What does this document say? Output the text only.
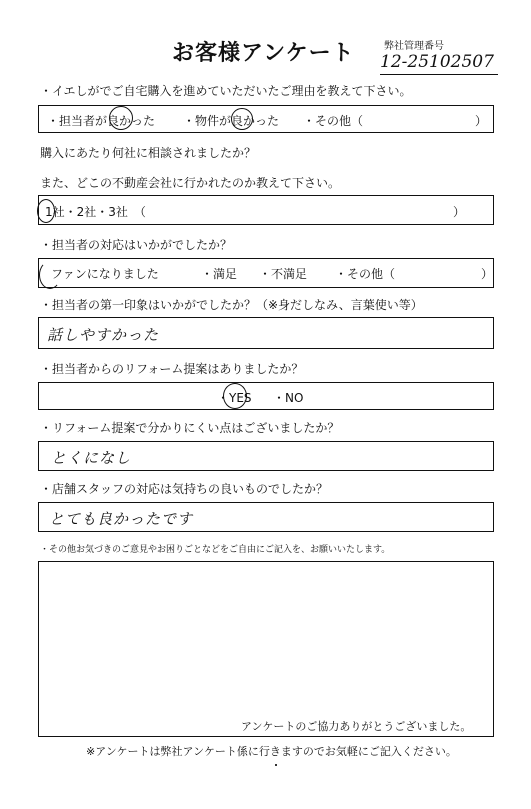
お客様アンケート	弊社管理番号
12-25102507
・イエしがでご自宅購入を進めていただいたご理由を教えて下さい。
・担当者が良かった ・物件が良かった ・その他（	）
購入にあたり何社に相談されましたか？
また、どこの不動産会社に行かれたのか教えて下さい。
1社・2社・3社　（	）
・担当者の対応はいかがでしたか？
ファンになりました	・満足 ・不満足 ・その他（	）
・担当者の第一印象はいかがでしたか？（※身だしなみ、言葉使い等）
話しやすかった
・担当者からのリフォーム提案はありましたか？
・YES ・NO
・リフォーム提案で分かりにくい点はございましたか？
とくになし
・店舗スタッフの対応は気持ちの良いものでしたか？
とても良かったです
・その他お気づきのご意見やお困りごとなどをご自由にご記入を、お願いいたします。
アンケートのご協力ありがとうございました。
※アンケートは弊社アンケート係に行きますのでお気軽にご記入ください。
